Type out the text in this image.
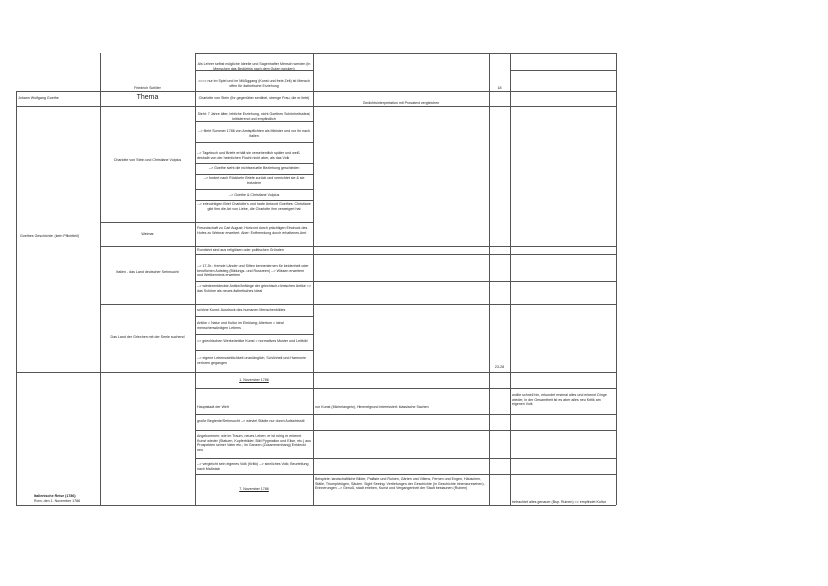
Johann Wolfgang Goethe
Goethes Geschichte: (kein Pflichtteil)
Italienische Reise (1786)
Rom, den 1. November 1786
Friedrich Schiller
Thema
Charlotte von Stein und Christiane Vulpius
Weimar
Italien - das Land deutscher Sehnsucht
Das Land der Griechen mit der Seele suchend
Als Lehrer selbst mögliche Ideelle und Sagenhafter Mensch werden (in Menschen das Bedürfnis nach dem Guten wecken)
===> nur im Spiel und im Müßiggang (Kunst und freie Zeit) ist Mensch offen für ästhetische Erziehung
Charlotte von Stein (Ihr gegenüber sentibel, strenge Frau, die er liebt)
Sieht: 7 Jahre älter, lebliche Erziehung, nicht Goethes Schönheitsideal, kritisierend und empfindlich
--> flieht Sommer 1786 von Amtspflichten als Minister und vor ihr nach Italien
--> Tagebuch und Briefe erhält sie versehentlich später und weiß deshalb von der heimlichen Flucht nicht aber, als das Volk
--> Goethe sieht die nichtsexuelle Beziehung geschieden
--> fordert nach Rückkehr Briefe zurück und vernichtet sie & sie trotzdem
--> Goethe & Christiane Vulpius
--> erleuchtigen Brief Charlotte's und harte Antwort Goethes: Christiane gibt ihm die Art von Liebe, die Charlotte ihm verweigert hat
Freundschaft zu Carl August; Horizont durch prächtigen Eindruck des Hofes zu Weimar erweitert. Aber: Entfremdung durch erhaltenes Amt
Romfahrt sind aus religiösen oder politischen Gründen
--> 17.Jh.: fremde Länder und Sitten kennenlernen für beidenheit oder beruflichen Aufstieg (Bildungs- und Russreen) --> Wissen erweitern und Weltkenntnis erweitern
--> wiederentdeckte Antike/Anfänge der griechisch-römischen Antike => das Schöne als neues ästhetisches Ideal
schöne Kunst: Ausdruck des humanen Menschenbildes
Antike = Natur und Kultur im Einklang; Altertum = ideal menschenwürdigen Lebens
=> griechischen Werke/antike Kunst = normatives Muster und Leitbild
--> eigene Lebenswirklichkeit unzulänglich, Schönheit und Harmonie verloren gegangen
1. November 1786
Hauptstadt der Welt
große Begierde/Sehnsucht --> wieviel Städte nur durch Aufsichtsstil
Angekommen: wie im Traum, neues Leben; er ist ruhig er erkennt Kunst wieder (Statuen, Kupferbilder, Bild Pygmalion und Elise, etc.) aus Prospekten seiner Vater etc.; im Ganzen (Zusammenhang) Entdeckt neu
--> vergleicht sein eigenes Volk (Kritik) --> sinnliches Volk; Beurteilung nach Maßstab
7. November 1786
Gedichtsinterpretation mit Prosatext vergleichen
nur Kunst (Michelangelo), Himmelgrund interessiert: klassische Sachen
Beispiele: landschaftliche Bilder, Paläste und Ruinen, Gärten und Villens, Fernen und Engen, Häuschen, Ställe, Triumphbögen, Säulen. Sight Seeing: Vertiefungen der Geschichte (in Geschichte hinenzuresehen). Erinnerungen --> Genuß, stadt erleben, Kunst und Vergangenheit der Stadt bestaunen (Ruinen)
18
23-28
wollte schnell hin, erkundet erstmal alles und erkennt Dinge wieder, in der Gesamtheit ist es aber alles neu Kritik am eigenen Volk
betrachtet alles genauer (Bsp. Ruinen) => empfindet Kultur
